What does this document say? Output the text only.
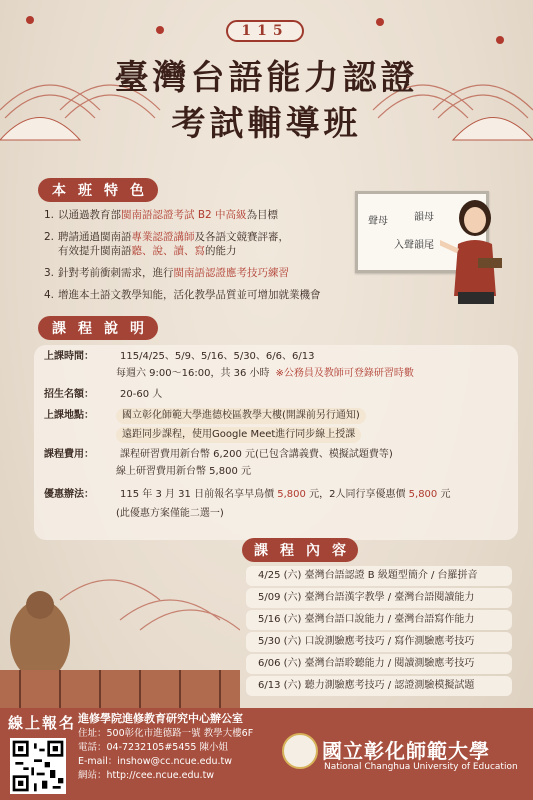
115
臺灣台語能力認證
考試輔導班
本班特色
1. 以通過教育部閩南語認證考試 B2 中高級為目標
2. 聘請通過閩南語專業認證講師及各語文競賽評審，
有效提升閩南語聽、說、讀、寫的能力
3. 針對考前衝刺需求，進行閩南語認證應考技巧練習
4. 增進本土語文教學知能，活化教學品質並可增加就業機會
聲母	韻母
入聲韻尾
課程說明
上課時間：	115/4/25、5/9、5/16、5/30、6/6、6/13
每週六 9:00～16:00，共 36 小時 ※公務員及教師可登錄研習時數
招生名額：	20-60 人
上課地點：	國立彰化師範大學進德校區教學大樓(開課前另行通知)
遠距同步課程，使用Google Meet進行同步線上授課
課程費用：	課程研習費用新台幣 6,200 元(已包含講義費、模擬試題費等)
線上研習費用新台幣 5,800 元
優惠辦法：	115 年 3 月 31 日前報名享早鳥價 5,800 元，2人同行享優惠價 5,800 元
(此優惠方案僅能二選一)
課程內容
4/25 (六) 臺灣台語認證 B 級題型簡介 / 台羅拼音
5/09 (六) 臺灣台語漢字教學 / 臺灣台語閱讀能力
5/16 (六) 臺灣台語口說能力 / 臺灣台語寫作能力
5/30 (六) 口說測驗應考技巧 / 寫作測驗應考技巧
6/06 (六) 臺灣台語聆聽能力 / 閱讀測驗應考技巧
6/13 (六) 聽力測驗應考技巧 / 認證測驗模擬試題
線上報名 進修學院進修教育研究中心辦公室
住址：500彰化市進德路一號 教學大樓6F
電話：04-7232105#5455 陳小姐
E-mail：inshow@cc.ncue.edu.tw
網站：http://cee.ncue.edu.tw
國立彰化師範大學
National Changhua University of Education
